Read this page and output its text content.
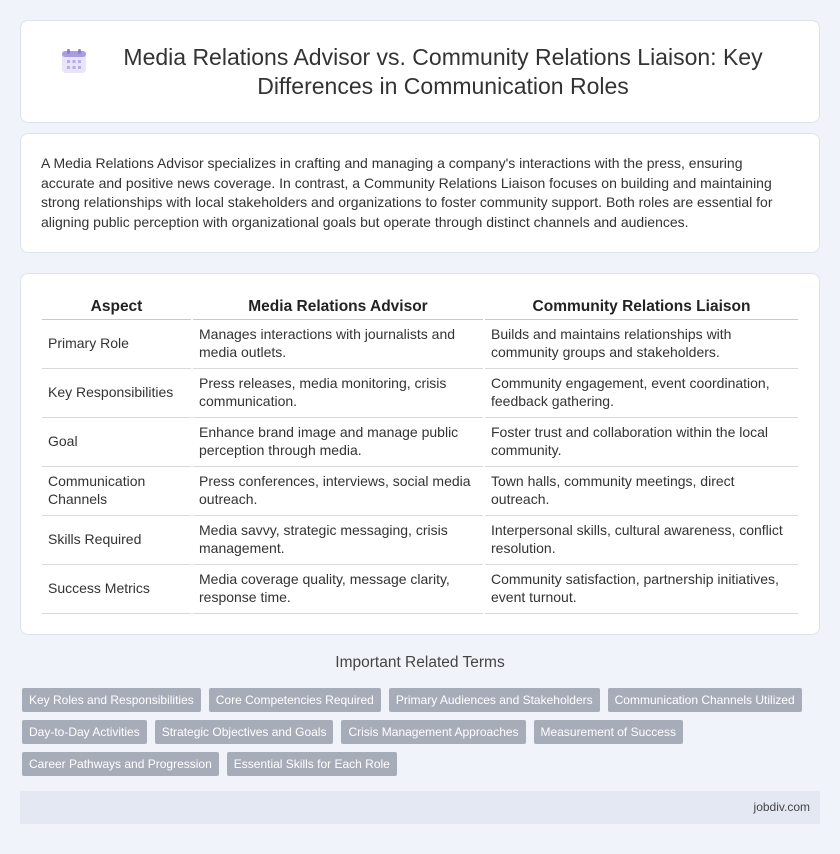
Media Relations Advisor vs. Community Relations Liaison: Key Differences in Communication Roles

A Media Relations Advisor specializes in crafting and managing a company's interactions with the press, ensuring accurate and positive news coverage. In contrast, a Community Relations Liaison focuses on building and maintaining strong relationships with local stakeholders and organizations to foster community support. Both roles are essential for aligning public perception with organizational goals but operate through distinct channels and audiences.

Aspect	Media Relations Advisor	Community Relations Liaison
Primary Role	Manages interactions with journalists and media outlets.	Builds and maintains relationships with community groups and stakeholders.
Key Responsibilities	Press releases, media monitoring, crisis communication.	Community engagement, event coordination, feedback gathering.
Goal	Enhance brand image and manage public perception through media.	Foster trust and collaboration within the local community.
Communication Channels	Press conferences, interviews, social media outreach.	Town halls, community meetings, direct outreach.
Skills Required	Media savvy, strategic messaging, crisis management.	Interpersonal skills, cultural awareness, conflict resolution.
Success Metrics	Media coverage quality, message clarity, response time.	Community satisfaction, partnership initiatives, event turnout.
Important Related Terms
Key Roles and Responsibilities	Core Competencies Required	Primary Audiences and Stakeholders	Communication Channels Utilized
Day-to-Day Activities	Strategic Objectives and Goals	Crisis Management Approaches	Measurement of Success
Career Pathways and Progression	Essential Skills for Each Role
jobdiv.com
